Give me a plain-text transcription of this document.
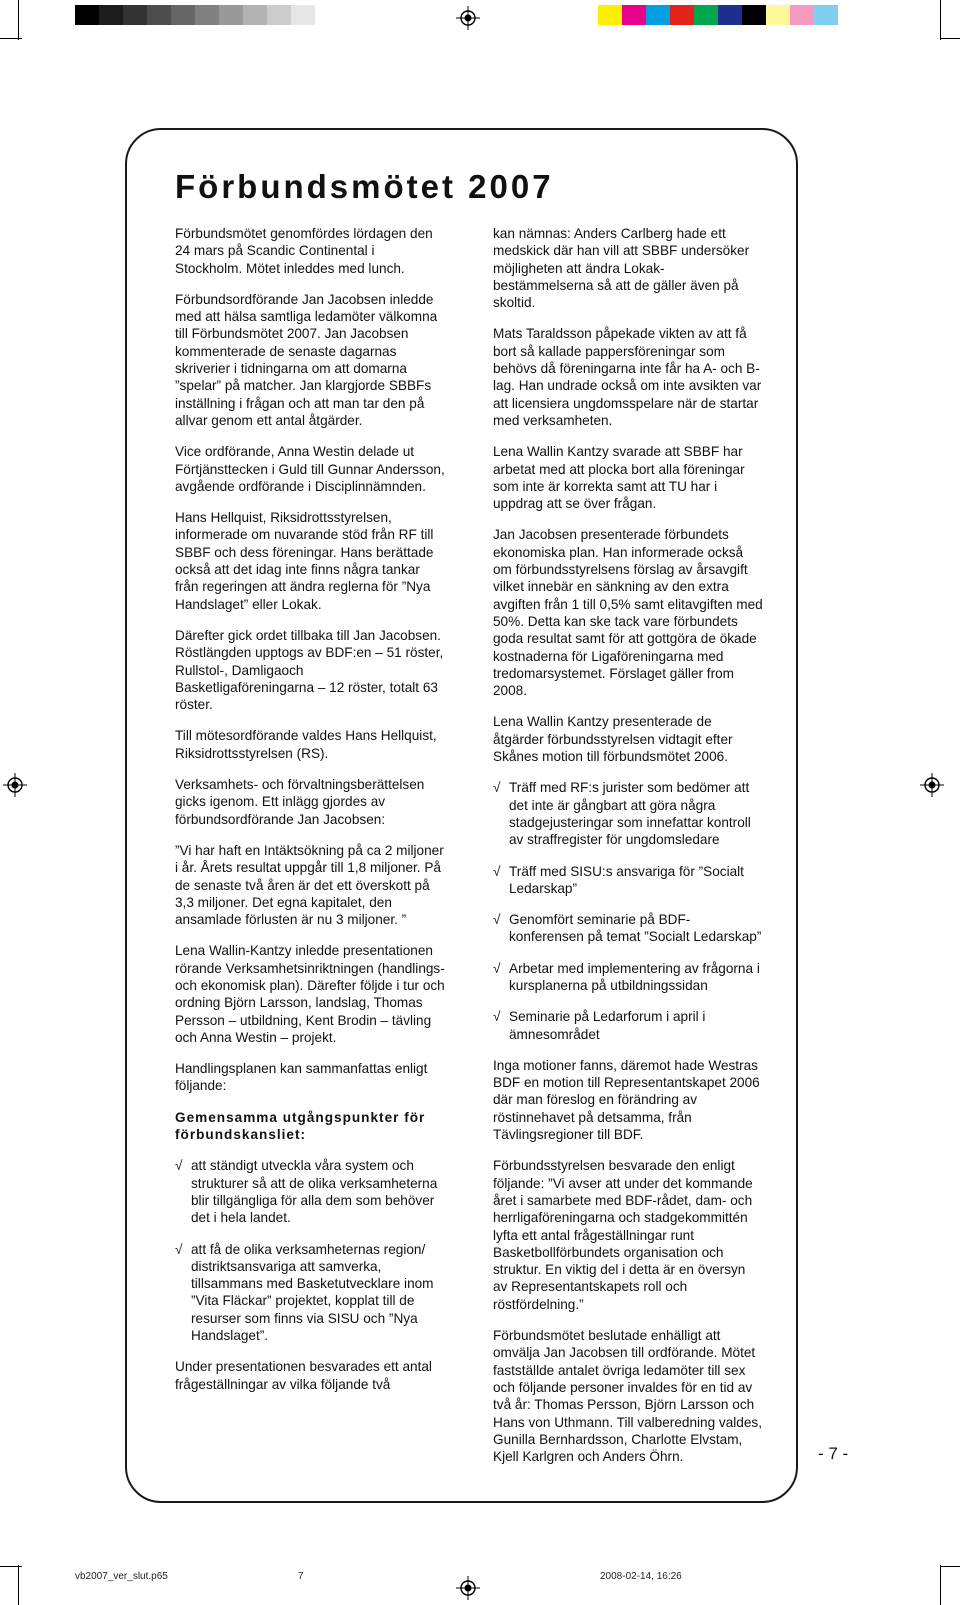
Förbundsmötet 2007

Förbundsmötet genomfördes lördagen den 24 mars på Scandic Continental i Stockholm. Mötet inleddes med lunch.

Förbundsordförande Jan Jacobsen inledde med att hälsa samtliga ledamöter välkomna till Förbundsmötet 2007. Jan Jacobsen kommenterade de senaste dagarnas skriverier i tidningarna om att domarna ”spelar” på matcher. Jan klargjorde SBBFs inställning i frågan och att man tar den på allvar genom ett antal åtgärder.

Vice ordförande, Anna Westin delade ut Förtjänsttecken i Guld till Gunnar Andersson, avgående ordförande i Disciplinnämnden.

Hans Hellquist, Riksidrottsstyrelsen, informerade om nuvarande stöd från RF till SBBF och dess föreningar. Hans berättade också att det idag inte finns några tankar från regeringen att ändra reglerna för ”Nya Handslaget” eller Lokak.

Därefter gick ordet tillbaka till Jan Jacobsen. Röstlängden upptogs av BDF:en – 51 röster, Rullstol-, Damligaoch Basketligaföreningarna – 12 röster, totalt 63 röster.

Till mötesordförande valdes Hans Hellquist, Riksidrottsstyrelsen (RS).

Verksamhets- och förvaltningsberättelsen gicks igenom. Ett inlägg gjordes av förbundsordförande Jan Jacobsen:

”Vi har haft en Intäktsökning på ca 2 miljoner i år. Årets resultat uppgår till 1,8 miljoner. På de senaste två åren är det ett överskott på 3,3 miljoner. Det egna kapitalet, den ansamlade förlusten är nu 3 miljoner. ”

Lena Wallin-Kantzy inledde presentationen rörande Verksamhetsinriktningen (handlings- och ekonomisk plan). Därefter följde i tur och ordning Björn Larsson, landslag, Thomas Persson – utbildning, Kent Brodin – tävling och Anna Westin – projekt.

Handlingsplanen kan sammanfattas enligt följande:

Gemensamma utgångspunkter för förbundskansliet:
√ att ständigt utveckla våra system och strukturer så att de olika verksamheterna blir tillgängliga för alla dem som behöver det i hela landet.
√ att få de olika verksamheternas region/ distriktsansvariga att samverka, tillsammans med Basketutvecklare inom ”Vita Fläckar” projektet, kopplat till de resurser som finns via SISU och ”Nya Handslaget”.

Under presentationen besvarades ett antal frågeställningar av vilka följande två

kan nämnas: Anders Carlberg hade ett medskick där han vill att SBBF undersöker möjligheten att ändra Lokak-bestämmelserna så att de gäller även på skoltid.

Mats Taraldsson påpekade vikten av att få bort så kallade pappersföreningar som behövs då föreningarna inte får ha A- och B-lag. Han undrade också om inte avsikten var att licensiera ungdomsspelare när de startar med verksamheten.

Lena Wallin Kantzy svarade att SBBF har arbetat med att plocka bort alla föreningar som inte är korrekta samt att TU har i uppdrag att se över frågan.

Jan Jacobsen presenterade förbundets ekonomiska plan. Han informerade också om förbundsstyrelsens förslag av årsavgift vilket innebär en sänkning av den extra avgiften från 1 till 0,5% samt elitavgiften med 50%. Detta kan ske tack vare förbundets goda resultat samt för att gottgöra de ökade kostnaderna för Ligaföreningarna med tredomarsystemet. Förslaget gäller from 2008.

Lena Wallin Kantzy presenterade de åtgärder förbundsstyrelsen vidtagit efter Skånes motion till förbundsmötet 2006.

√ Träff med RF:s jurister som bedömer att det inte är gångbart att göra några stadgejusteringar som innefattar kontroll av straffregister för ungdomsledare
√ Träff med SISU:s ansvariga för ”Socialt Ledarskap”
√ Genomfört seminarie på BDF-konferensen på temat ”Socialt Ledarskap”
√ Arbetar med implementering av frågorna i kursplanerna på utbildningssidan
√ Seminarie på Ledarforum i april i ämnesområdet

Inga motioner fanns, däremot hade Westras BDF en motion till Representantskapet 2006 där man föreslog en förändring av röstinnehavet på detsamma, från Tävlingsregioner till BDF.

Förbundsstyrelsen besvarade den enligt följande: ”Vi avser att under det kommande året i samarbete med BDF-rådet, dam- och herrligaföreningarna och stadgekommittén lyfta ett antal frågeställningar runt Basketbollförbundets organisation och struktur. En viktig del i detta är en översyn av Representantskapets roll och röstfördelning.”

Förbundsmötet beslutade enhälligt att omvälja Jan Jacobsen till ordförande. Mötet fastställde antalet övriga ledamöter till sex och följande personer invaldes för en tid av två år: Thomas Persson, Björn Larsson och Hans von Uthmann. Till valberedning valdes, Gunilla Bernhardsson, Charlotte Elvstam, Kjell Karlgren och Anders Öhrn.	- 7 -
vb2007_ver_slut.p65	7	2008-02-14, 16:26
